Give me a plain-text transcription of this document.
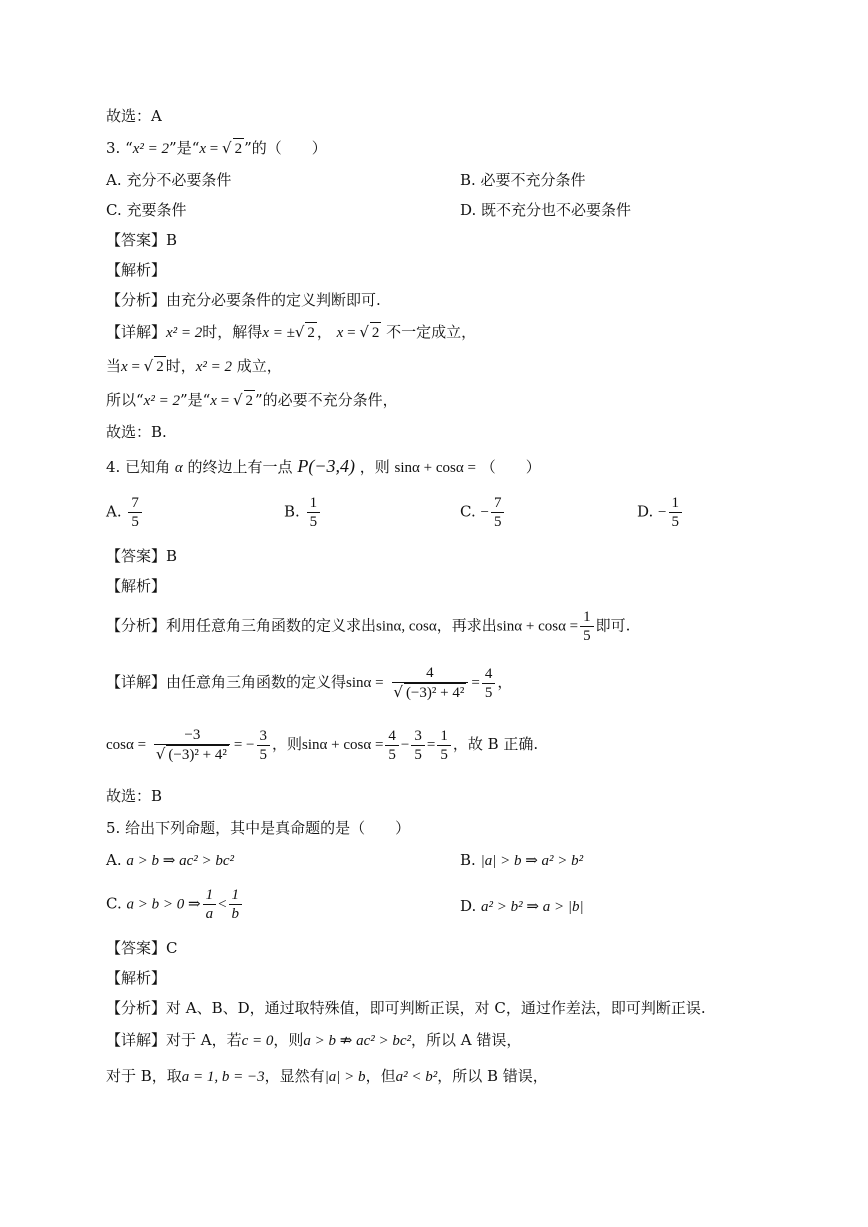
故选：A
3. “x² = 2”是“x = √ 2 ”的（　　）
A. 充分不必要条件	B. 必要不充分条件
C. 充要条件	D. 既不充分也不必要条件
【答案】B
【解析】
【分析】由充分必要条件的定义判断即可.
【详解】x² = 2时，解得x = ±√ 2 ， x = √ 2 不一定成立，
当x = √ 2 时，x² = 2 成立，
所以“x² = 2”是“x = √ 2 ”的必要不充分条件，
故选：B.
4. 已知角 α 的终边上有一点 P(−3,4) ，则 sinα + cosα = （　　）
A. $\frac{7}{5}$	B. $\frac{1}{5}$	C. − $\frac{7}{5}$	D. − $\frac{1}{5}$
【答案】B
【解析】
【分析】利用任意角三角函数的定义求出sinα, cosα，再求出$\sin\alpha + \cos\alpha = \frac{1}{5}$ 即可.
【详解】由任意角三角函数的定义得$\sin\alpha = \frac{4}{\text{√ (−3)² + 4²}} = \frac{4}{5}$ ，
$\cos\alpha = \frac{-3}{\text{√ (−3)² + 4²}}$ = − $\frac{3}{5}$ ，则$\sin\alpha + \cos\alpha = \frac{4}{5} - \frac{3}{5} = \frac{1}{5}$ ，故 B 正确.
故选：B
5. 给出下列命题，其中是真命题的是（　　）
A. a > b ⇒ ac² > bc²	B. |a| > b ⇒ a² > b²
C. a > b > 0 ⇒ $\frac{1}{a} < \frac{1}{b}$	D. a² > b² ⇒ a > |b|
【答案】C
【解析】
【分析】对 A、B、D，通过取特殊值，即可判断正误，对 C，通过作差法，即可判断正误.
【详解】对于 A，若c = 0，则a > b ⇏ ac² > bc²，所以 A 错误，
对于 B，取a = 1, b = −3，显然有|a| > b，但a² < b²，所以 B 错误，
